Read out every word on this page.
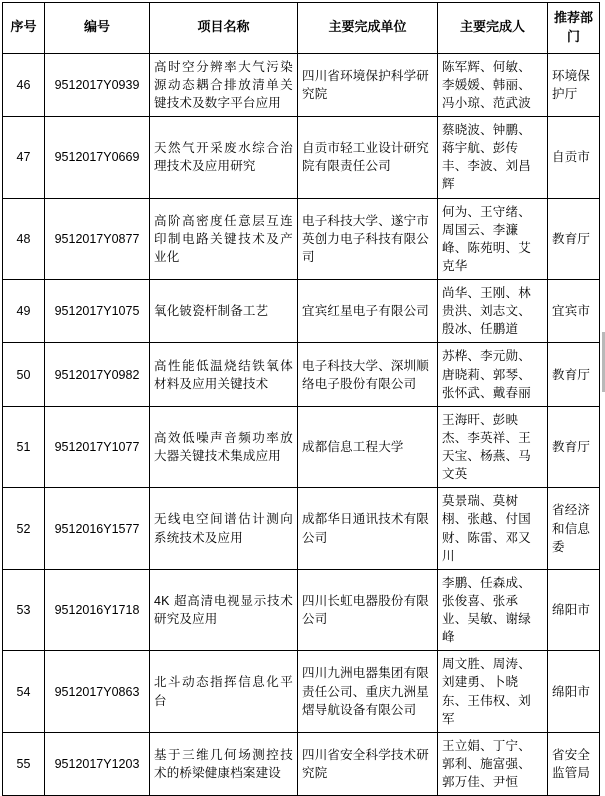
序号	编号	项目名称	主要完成单位	主要完成人	推荐部门
46	9512017Y0939	高时空分辨率大气污染源动态耦合排放清单关键技术及数字平台应用	四川省环境保护科学研究院	陈军辉、何敏、李媛媛、韩丽、冯小琼、范武波	环境保护厅
47	9512017Y0669	天然气开采废水综合治理技术及应用研究	自贡市轻工业设计研究院有限责任公司	蔡晓波、钟鹏、蒋宇航、彭传丰、李波、刘昌辉	自贡市
48	9512017Y0877	高阶高密度任意层互连印制电路关键技术及产业化	电子科技大学、遂宁市英创力电子科技有限公司	何为、王守绪、周国云、李濂峰、陈苑明、艾克华	教育厅
49	9512017Y1075	氧化铍瓷杆制备工艺	宜宾红星电子有限公司	尚华、王刚、林贵洪、刘志文、殷冰、任鹏道	宜宾市
50	9512017Y0982	高性能低温烧结铁氧体材料及应用关键技术	电子科技大学、深圳顺络电子股份有限公司	苏桦、李元勋、唐晓莉、郭琴、张怀武、戴春丽	教育厅
51	9512017Y1077	高效低噪声音频功率放大器关键技术集成应用	成都信息工程大学	王海旰、彭映杰、李英祥、王天宝、杨燕、马文英	教育厅
52	9512016Y1577	无线电空间谱估计测向系统技术及应用	成都华日通讯技术有限公司	莫景瑞、莫树栩、张越、付国财、陈雷、邓又川	省经济和信息委
53	9512016Y1718	4K 超高清电视显示技术研究及应用	四川长虹电器股份有限公司	李鹏、任森成、张俊喜、张承业、吴敏、谢绿峰	绵阳市
54	9512017Y0863	北斗动态指挥信息化平台	四川九洲电器集团有限责任公司、重庆九洲星熠导航设备有限公司	周文胜、周涛、刘建勇、卜晓东、王伟权、刘军	绵阳市
55	9512017Y1203	基于三维几何场测控技术的桥梁健康档案建设	四川省安全科学技术研究院	王立娟、丁宁、郭利、施富强、郭万佳、尹恒	省安全监管局
